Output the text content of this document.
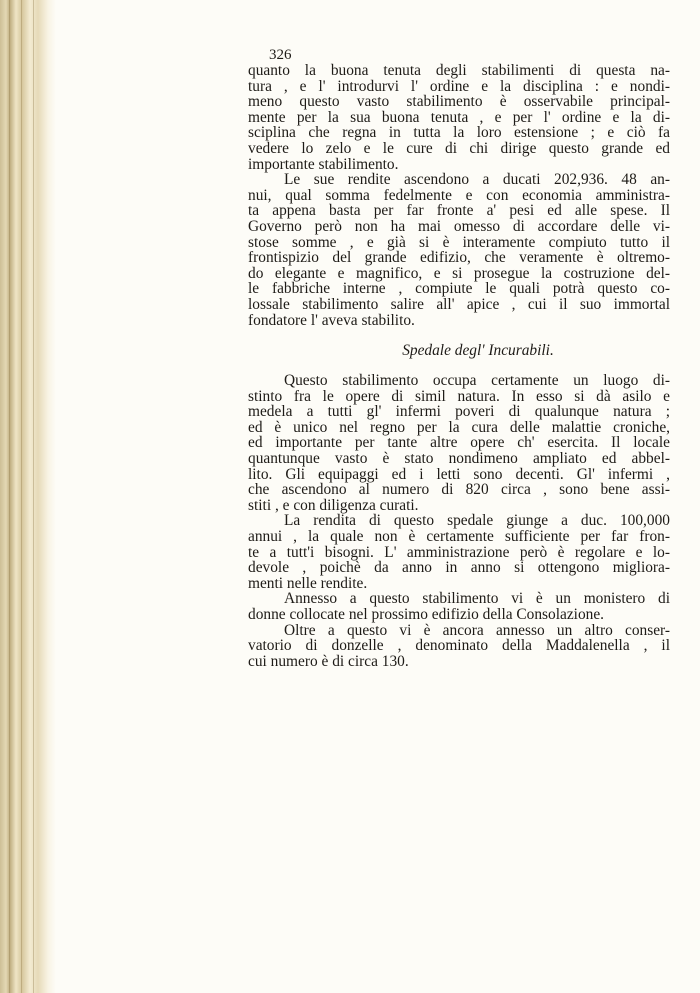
326

quanto la buona tenuta degli stabilimenti di questa na-
tura , e l' introdurvi l' ordine e la disciplina : e nondi-
meno questo vasto stabilimento è osservabile principal-
mente per la sua buona tenuta , e per l' ordine e la di-
sciplina che regna in tutta la loro estensione ; e ciò fa
vedere lo zelo e le cure di chi dirige questo grande ed
importante stabilimento.

Le sue rendite ascendono a ducati 202,936. 48 an-
nui, qual somma fedelmente e con economia amministra-
ta appena basta per far fronte a' pesi ed alle spese. Il
Governo però non ha mai omesso di accordare delle vi-
stose somme , e già si è interamente compiuto tutto il
frontispizio del grande edifizio, che veramente è oltremo-
do elegante e magnifico, e si prosegue la costruzione del-
le fabbriche interne , compiute le quali potrà questo co-
lossale stabilimento salire all' apice , cui il suo immortal
fondatore l' aveva stabilito.

Spedale degl' Incurabili.

Questo stabilimento occupa certamente un luogo di-
stinto fra le opere di simil natura. In esso si dà asilo e
medela a tutti gl' infermi poveri di qualunque natura ;
ed è unico nel regno per la cura delle malattie croniche,
ed importante per tante altre opere ch' esercita. Il locale
quantunque vasto è stato nondimeno ampliato ed abbel-
lito. Gli equipaggi ed i letti sono decenti. Gl' infermi ,
che ascendono al numero di 820 circa , sono bene assi-
stiti , e con diligenza curati.

La rendita di questo spedale giunge a duc. 100,000
annui , la quale non è certamente sufficiente per far fron-
te a tutt'i bisogni. L' amministrazione però è regolare e lo-
devole , poichè da anno in anno si ottengono migliora-
menti nelle rendite.

Annesso a questo stabilimento vi è un monistero di
donne collocate nel prossimo edifizio della Consolazione.

Oltre a questo vi è ancora annesso un altro conser-
vatorio di donzelle , denominato della Maddalenella , il
cui numero è di circa 130.
